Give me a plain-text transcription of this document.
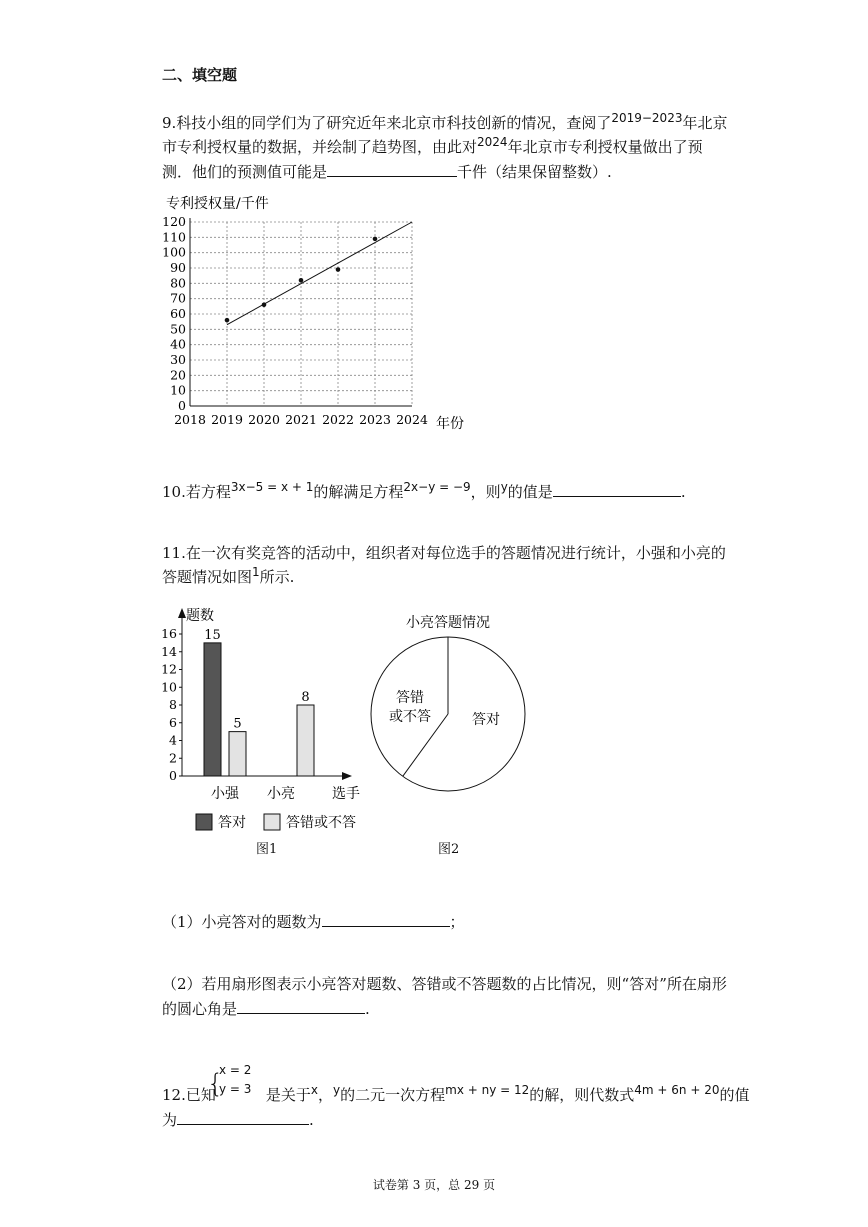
二、填空题
9.科技小组的同学们为了研究近年来北京市科技创新的情况，查阅了$^{2019-2023}$年北京
市专利授权量的数据，并绘制了趋势图，由此对$^{2024}$年北京市专利授权量做出了预
测．他们的预测值可能是	千件（结果保留整数）.
0
10
20
30
40
50
60
70
80
90
100
110
120
2018 2019 2020 2021 2022 2023 2024
专利授权量/千件
年份
10.若方程$^{3x-5 = x + 1}$的解满足方程$^{2x-y = -9}$，则$^y$的值是	.
11.在一次有奖竞答的活动中，组织者对每位选手的答题情况进行统计，小强和小亮的
答题情况如图$^1$所示.
0
2
4
6
8
10
12
14
16 15
5
8
小强 小亮
题数
选手
答对	答错或不答
图1
小亮答题情况
答对
答错
或不答
图2
（1）小亮答对的题数为	；
（2）若用扇形图表示小亮答对题数、答错或不答题数的占比情况，则“答对”所在扇形
的圆心角是	.
{
x = 2
y = 3
12.已知	是关于$^x$，$^y$的二元一次方程$^{mx + ny = 12}$的解，则代数式$^{4m + 6n + 20}$的值
为	.
试卷第 3 页，总 29 页
